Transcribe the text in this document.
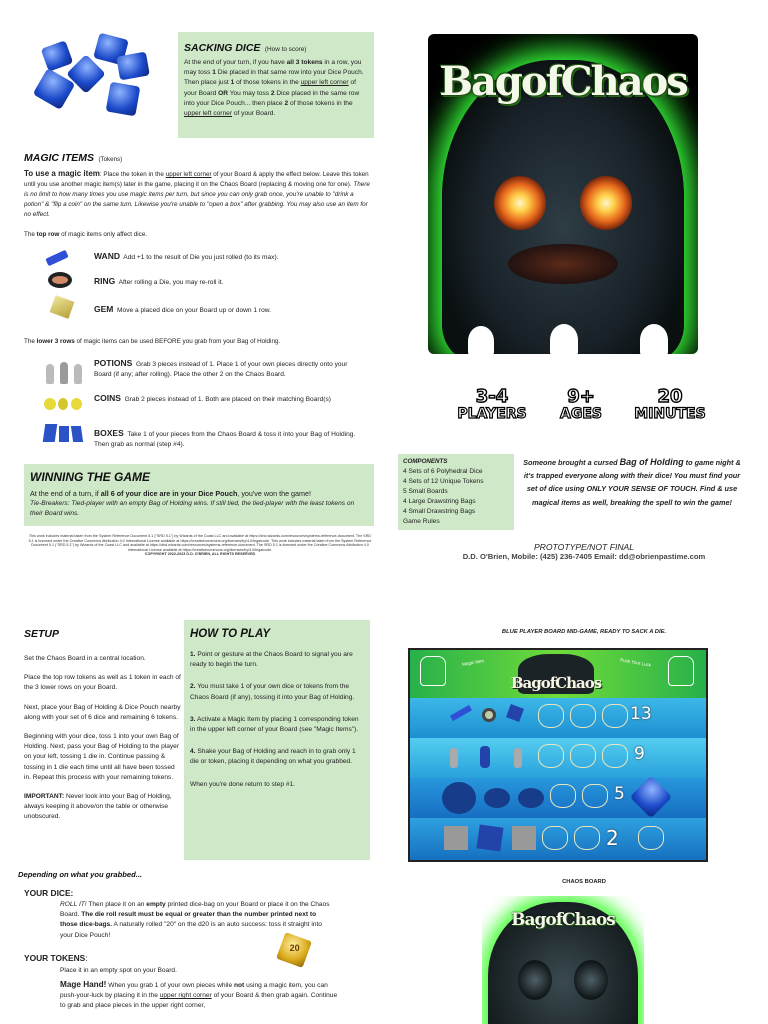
SACKING DICE (How to score)
At the end of your turn, if you have all 3 tokens in a row, you may toss 1 Die placed in that same row into your Dice Pouch. Then place just 1 of those tokens in the upper left corner of your Board OR You may toss 2 Dice placed in the same row into your Dice Pouch... then place 2 of those tokens in the upper left corner of your Board.
MAGIC ITEMS (Tokens)
To use a magic item: Place the token in the upper left corner of your Board & apply the effect below. Leave this token until you use another magic item(s) later in the game, placing it on the Chaos Board (replacing & moving one for one). There is no limit to how many times you use magic items per turn, but since you can only grab once, you're unable to "drink a potion" & "flip a coin" on the same turn. Likewise you're unable to "open a box" after grabbing. You may also use an item for no effect.
The top row of magic items only affect dice.
WAND Add +1 to the result of Die you just rolled (to its max).
RING After rolling a Die, you may re-roll it.
GEM Move a placed dice on your Board up or down 1 row.
The lower 3 rows of magic items can be used BEFORE you grab from your Bag of Holding.
POTIONS Grab 3 pieces instead of 1. Place 1 of your own pieces directly onto your Board (if any; after rolling). Place the other 2 on the Chaos Board.
COINS Grab 2 pieces instead of 1. Both are placed on their matching Board(s)
BOXES Take 1 of your pieces from the Chaos Board & toss it into your Bag of Holding. Then grab as normal (step #4).
WINNING THE GAME
At the end of a turn, if all 6 of your dice are in your Dice Pouch, you've won the game!
Tie-Breakers: Tied-player with an empty Bag of Holding wins. If still tied, the tied-player with the least tokens on their Board wins.
This work includes material taken from the System Reference Document 5.1 ("SRD 5.1") by Wizards of the Coast LLC and available at https://dnd.wizards.com/resources/systems-reference-document. The SRD 5.1 is licensed under the Creative Commons Attribution 4.0 International License available at https://creativecommons.org/licenses/by/4.0/legalcode. This work includes material taken from the System Reference Document 5.1 ("SRD 5.1") by Wizards of the Coast LLC and available at https://dnd.wizards.com/resources/systems-reference-document. The SRD 5.1 is licensed under the Creative Commons Attribution 4.0 International License available at https://creativecommons.org/licenses/by/4.0/legalcode.
COPYRIGHT 2022-2023 D.D. O'BRIEN, ALL RIGHTS RESERVED
BagofChaos
3-4
PLAYERS
9+
AGES
20
MINUTES
COMPONENTS
4 Sets of 6 Polyhedral Dice
4 Sets of 12 Unique Tokens
5 Small Boards
4 Large Drawstring Bags
4 Small Drawstring Bags
Game Rules
Someone brought a cursed Bag of Holding to game night & it's trapped everyone along with their dice! You must find your set of dice using ONLY YOUR SENSE OF TOUCH. Find & use magical items as well, breaking the spell to win the game!
PROTOTYPE/NOT FINAL
D.D. O'Brien, Mobile: (425) 236-7405 Email: dd@obrienpastime.com
SETUP
Set the Chaos Board in a central location.
Place the top row tokens as well as 1 token in each of the 3 lower rows on your Board.
Next, place your Bag of Holding & Dice Pouch nearby along with your set of 6 dice and remaining 6 tokens.
Beginning with your dice, toss 1 into your own Bag of Holding. Next, pass your Bag of Holding to the player on your left, tossing 1 die in. Continue passing & tossing in 1 die each time until all have been tossed in. Repeat this process with your remaining tokens.
IMPORTANT: Never look into your Bag of Holding, always keeping it above/on the table or otherwise unobscured.
HOW TO PLAY
1. Point or gesture at the Chaos Board to signal you are ready to begin the turn.
2. You must take 1 of your own dice or tokens from the Chaos Board (if any), tossing it into your Bag of Holding.
3. Activate a Magic Item by placing 1 corresponding token in the upper left corner of your Board (see "Magic Items").
4. Shake your Bag of Holding and reach in to grab only 1 die or token, placing it depending on what you grabbed.
When you're done return to step #1.
BLUE PLAYER BOARD MID-GAME, READY TO SACK A DIE.
Magic Item	Push Your Luck
BagofChaos
13
9
5
2
Depending on what you grabbed...
YOUR DICE:
ROLL IT! Then place it on an empty printed dice-bag on your Board or place it on the Chaos Board. The die roll result must be equal or greater than the number printed next to those dice-bags. A naturally rolled "20" on the d20 is an auto success: toss it straight into your Dice Pouch!
YOUR TOKENS:
Place it in an empty spot on your Board.
Mage Hand! When you grab 1 of your own pieces while not using a magic item, you can push-your-luck by placing it in the upper right corner of your Board & then grab again. Continue to grab and place pieces in the upper right corner,
20
CHAOS BOARD
BagofChaos
